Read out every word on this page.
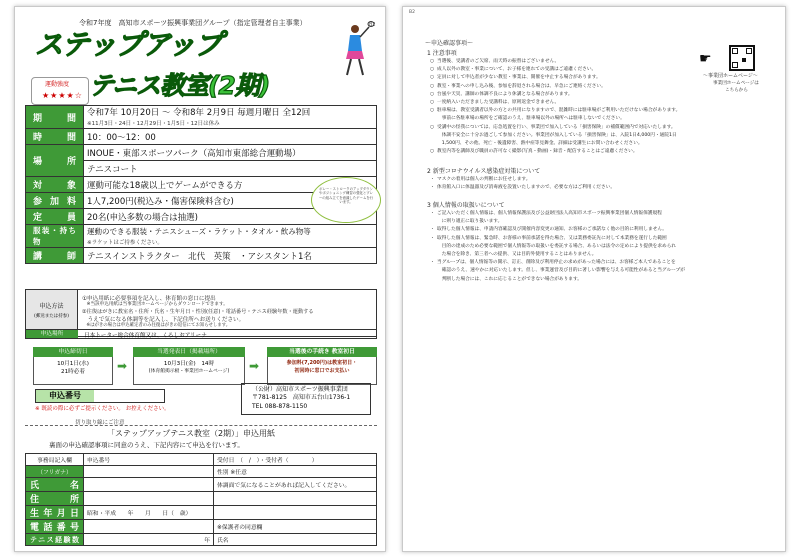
令和7年度　高知市スポーツ振興事業団グループ（指定管理者自主事業）	B2
ステップアップ
テニス教室(2期)
運動強度
★★★★☆
期間	令和7年 10月20日 〜 令和8年 2月9日 毎週月曜日 全12回
※11月3日・24日・12月29日・1月5日・12日は休み
時間	10：00〜12：00
場所	INOUE・東部スポーツパーク（高知市東部総合運動場）
	テニスコート
対象	運動可能な18歳以上でゲームができる方
参加料	1人7,200円(税込み・傷害保険料含む)
定員	20名(申込多数の場合は抽選)
服装・持ち物	運動のできる服装・テニスシューズ・ラケット・タオル・飲み物等
※ラケットはご持参ください。
講師	テニスインストラクター　北代　英策　・アシスタント1名
ボレー・ストロークのアップダウンやポジショニング練習の強化とプレーの組み立てを意識したゲームを行います。
申込方法
(郵送または持参)
①申込用紙に必要事項を記入し、体育館の窓口に提出
　※当該申込用紙は当事業団ホームページからダウンロードできます。
②往復はがきに教室名・住所・氏名・生年月日・性別(任意)・電話番号・テニス経験年数・運動する
　うえで気になる体調等を記入し、下記住所へお送りください。
　※はがきの場合は申込確定者のみ往復はがきの返信にてお知らせします。
申込場所	日本トーター総合体育館又は、くろしおアリーナ
申込締切日
10月1日(水)
21時必着	➡
当選発表日（掲載場所）
10月3日(金)　14時
(体育館掲示板・事業団ホームページ)	➡
当選後の手続き 教室初日
参加料(7,200円)は教室初日・
初回時に窓口でお支払い
申込番号
※ 既読の際に必ずご提示ください。 お控えください。
（公財）高知市スポーツ振興事業団
〒781-8125　高知市五台山1736-1
TEL 088-878-1150
切り取り線にご注意
「ステップアップテニス教室（2期）」申込用紙
裏面の申込確認事項に同意のうえ、下記内容にて申込を行います。
事務局記入欄	申込番号	受付日　（　/　）・受付者（　　　　）
（フリガナ）		性別 ※任意
氏名		体調面で気になることがあれば記入してください。
住所		
生年月日	昭和・平成　　年　　月　　日（　歳）	
電話番号		※保護者の同意欄
テニス経験数	年	氏名
B2
〜申込確認事項〜
☛
〜事業団ホームページ〜
事業団ホームページは
こちらから
1 注意事項
当選後、受講者のご欠席、雨天時の振替はございません。
○
成人以外の教室・事業について、お子様を連れての受講はご遠慮ください。
○
定員に対して申込者が少ない教室・事業は、開催を中止する場合があります。
○
教室・事業への申し込み後、参加を辞退される場合は、早急にご連絡ください。
○
台風や天災、講師の体調不良により休講となる場合があります。
○
一度納入いただきました受講料は、原則返金できません。
○
駐車場は、教室受講者以外の方との共用になりますので、混雑時には駐車場がご利用いただけない場合があります。
○
　事前に各駐車場の場所をご確認のうえ、駐車場以外の場所へは駐車しないでください。
受講中の怪我については、応急処置を行い、事業団で加入している「損害保険」の補償範囲内で対応いたします。
○
　体調不安全に十分お過ごして参加ください。事業団が加入している「損害保険」は、入院1日4,000円・通院1日
　1,500円、その他、死亡・後遺障害、熱中症等見舞金。詳細は受講生にお問い合わせください。
教室内等を講師及び職員の許可なく撮影(写真・動画)・録音・配信することはご遠慮ください。
○
2 新型コロナウイルス感染症対策について
マスクの着用は個人の判断にお任せします。
・
体育館入口に体温器及び消毒液を設置いたしますので、必要な方はご利用ください。
・
3 個人情報の取扱いについて
ご記入いただく個人情報は、個人情報保護法及び公益財団法人高知市スポーツ振興事業団個人情報保護規程
・
　に則り適正に取り扱います。
取得した個人情報は、申請内容確認及び開催内容変更の通知、お客様のご承諾なく他の目的に利用しません。
・
取得した個人情報は、緊急時、お客様の事前承諾を得た場合、又は業務委託先に対して本業務を遂行した範囲
・
　目的の達成のため必要な範囲で個人情報等の取扱いを委託する場合、あるいは法令の定めにより提供を求められ
　た場合を除き、第三者への提供、又は目的外使用することはありません。
当グループは、個人情報等の開示、訂正、削除及び利用停止の求めがあった場合には、お客様ご本人であることを
・
　確認のうえ、速やかに対応いたします。但し、事業運営及び目的に著しい影響を与える可能性があると当グループが
　判断した場合には、これに応じることができない場合があります。
